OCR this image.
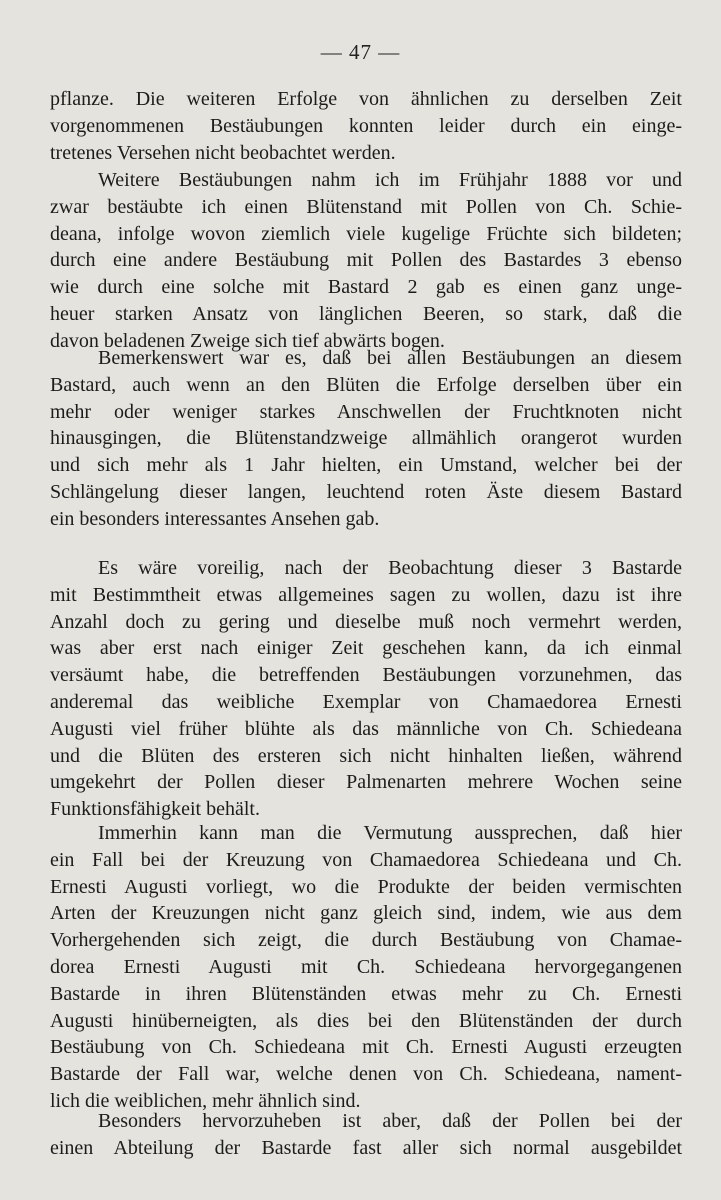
— 47 —
pflanze. Die weiteren Erfolge von ähnlichen zu derselben Zeit
vorgenommenen Bestäubungen konnten leider durch ein einge-
tretenes Versehen nicht beobachtet werden.
Weitere Bestäubungen nahm ich im Frühjahr 1888 vor und
zwar bestäubte ich einen Blütenstand mit Pollen von Ch. Schie-
deana, infolge wovon ziemlich viele kugelige Früchte sich bildeten;
durch eine andere Bestäubung mit Pollen des Bastardes 3 ebenso
wie durch eine solche mit Bastard 2 gab es einen ganz unge-
heuer starken Ansatz von länglichen Beeren, so stark, daß die
davon beladenen Zweige sich tief abwärts bogen.
Bemerkenswert war es, daß bei allen Bestäubungen an diesem
Bastard, auch wenn an den Blüten die Erfolge derselben über ein
mehr oder weniger starkes Anschwellen der Fruchtknoten nicht
hinausgingen, die Blütenstandzweige allmählich orangerot wurden
und sich mehr als 1 Jahr hielten, ein Umstand, welcher bei der
Schlängelung dieser langen, leuchtend roten Äste diesem Bastard
ein besonders interessantes Ansehen gab.
Es wäre voreilig, nach der Beobachtung dieser 3 Bastarde
mit Bestimmtheit etwas allgemeines sagen zu wollen, dazu ist ihre
Anzahl doch zu gering und dieselbe muß noch vermehrt werden,
was aber erst nach einiger Zeit geschehen kann, da ich einmal
versäumt habe, die betreffenden Bestäubungen vorzunehmen, das
anderemal das weibliche Exemplar von Chamaedorea Ernesti
Augusti viel früher blühte als das männliche von Ch. Schiedeana
und die Blüten des ersteren sich nicht hinhalten ließen, während
umgekehrt der Pollen dieser Palmenarten mehrere Wochen seine
Funktionsfähigkeit behält.
Immerhin kann man die Vermutung aussprechen, daß hier
ein Fall bei der Kreuzung von Chamaedorea Schiedeana und Ch.
Ernesti Augusti vorliegt, wo die Produkte der beiden vermischten
Arten der Kreuzungen nicht ganz gleich sind, indem, wie aus dem
Vorhergehenden sich zeigt, die durch Bestäubung von Chamae-
dorea Ernesti Augusti mit Ch. Schiedeana hervorgegangenen
Bastarde in ihren Blütenständen etwas mehr zu Ch. Ernesti
Augusti hinüberneigten, als dies bei den Blütenständen der durch
Bestäubung von Ch. Schiedeana mit Ch. Ernesti Augusti erzeugten
Bastarde der Fall war, welche denen von Ch. Schiedeana, nament-
lich die weiblichen, mehr ähnlich sind.
Besonders hervorzuheben ist aber, daß der Pollen bei der
einen Abteilung der Bastarde fast aller sich normal ausgebildet
